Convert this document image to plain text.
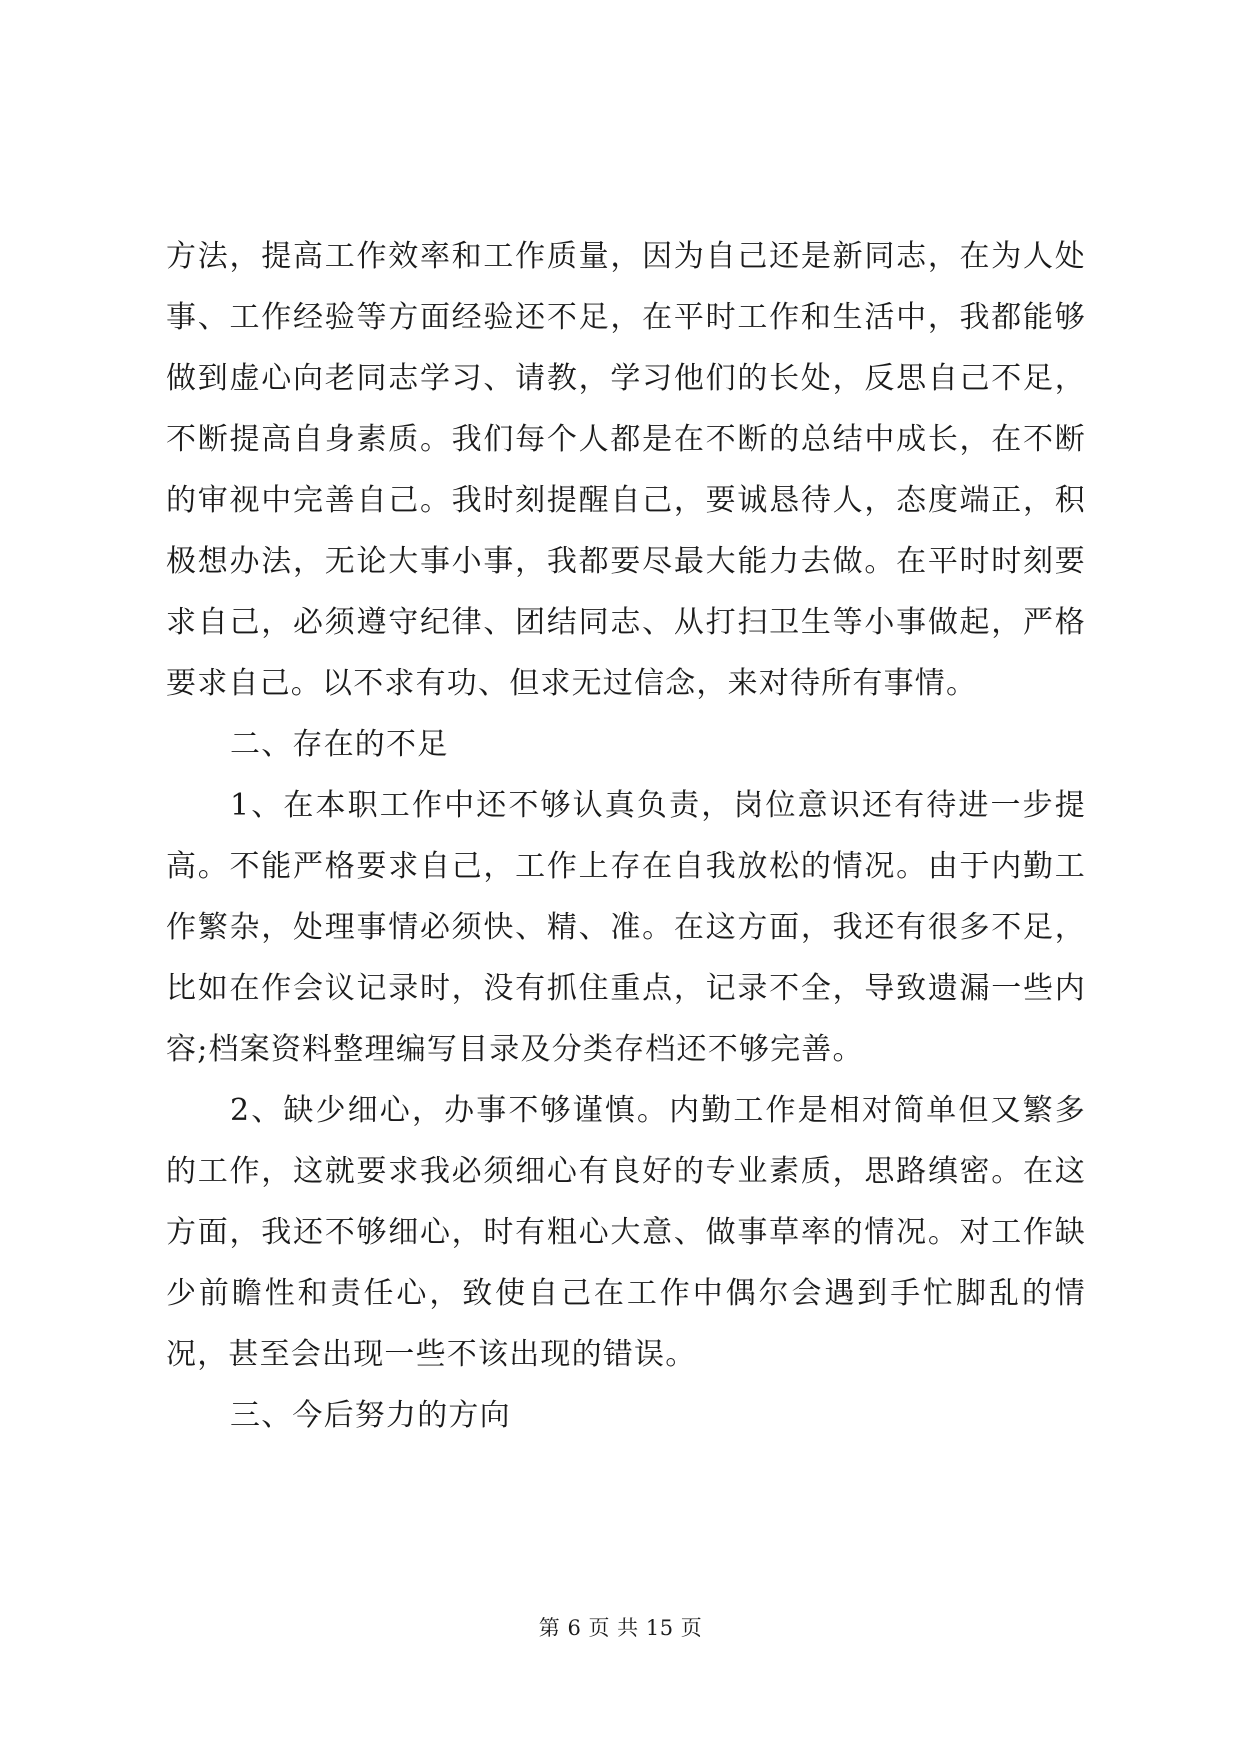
方法，提高工作效率和工作质量，因为自己还是新同志，在为人处事、工作经验等方面经验还不足，在平时工作和生活中，我都能够做到虚心向老同志学习、请教，学习他们的长处，反思自己不足，不断提高自身素质。我们每个人都是在不断的总结中成长，在不断的审视中完善自己。我时刻提醒自己，要诚恳待人，态度端正，积极想办法，无论大事小事，我都要尽最大能力去做。在平时时刻要求自己，必须遵守纪律、团结同志、从打扫卫生等小事做起，严格要求自己。以不求有功、但求无过信念，来对待所有事情。

二、存在的不足

1、在本职工作中还不够认真负责，岗位意识还有待进一步提高。不能严格要求自己，工作上存在自我放松的情况。由于内勤工作繁杂，处理事情必须快、精、准。在这方面，我还有很多不足，比如在作会议记录时，没有抓住重点，记录不全，导致遗漏一些内容;档案资料整理编写目录及分类存档还不够完善。

2、缺少细心，办事不够谨慎。内勤工作是相对简单但又繁多的工作，这就要求我必须细心有良好的专业素质，思路缜密。在这方面，我还不够细心，时有粗心大意、做事草率的情况。对工作缺少前瞻性和责任心，致使自己在工作中偶尔会遇到手忙脚乱的情况，甚至会出现一些不该出现的错误。

三、今后努力的方向

第 6 页 共 15 页
